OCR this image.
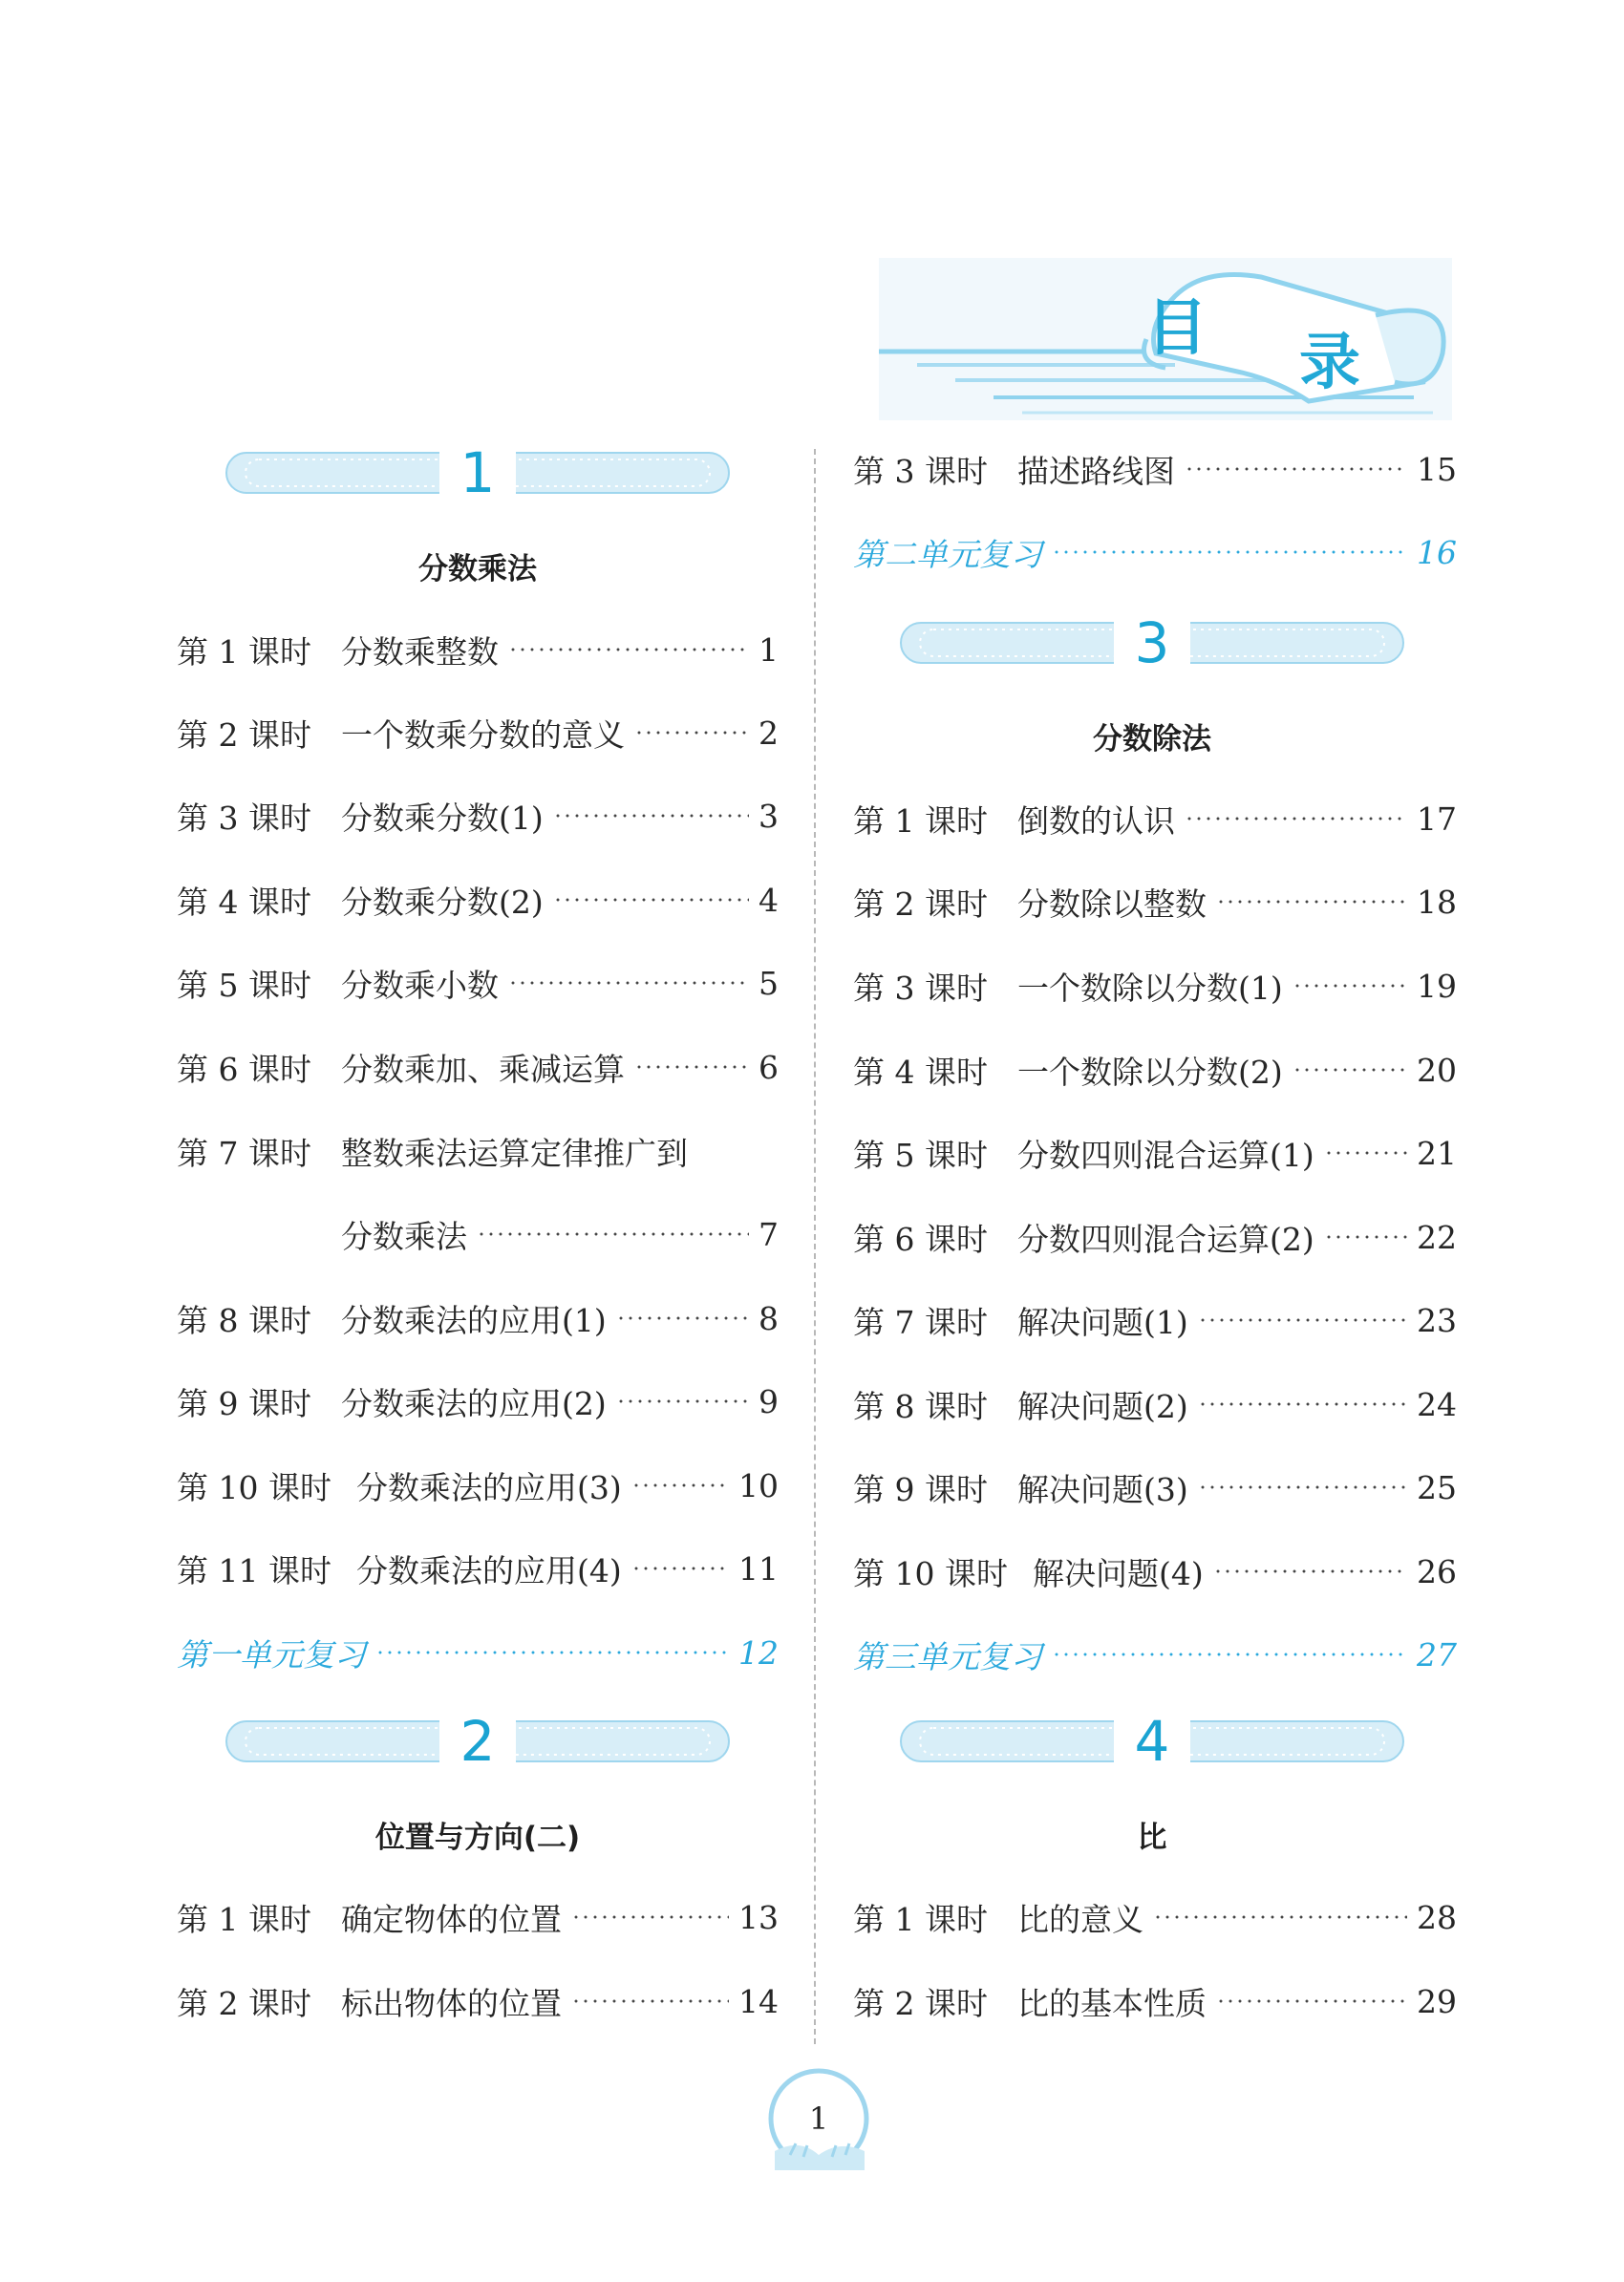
目 录
1
分数乘法
第 1 课时 分数乘整数	1
第 2 课时 一个数乘分数的意义	2
第 3 课时 分数乘分数(1)	3
第 4 课时 分数乘分数(2)	4
第 5 课时 分数乘小数	5
第 6 课时 分数乘加、乘减运算	6
第 7 课时 整数乘法运算定律推广到
分数乘法	7
第 8 课时 分数乘法的应用(1)	8
第 9 课时 分数乘法的应用(2)	9
第 10 课时 分数乘法的应用(3)	10
第 11 课时 分数乘法的应用(4)	11
第一单元复习	12
2
位置与方向(二)
第 1 课时 确定物体的位置	13
第 2 课时 标出物体的位置	14
第 3 课时 描述路线图	15
第二单元复习	16
3
分数除法
第 1 课时 倒数的认识	17
第 2 课时 分数除以整数	18
第 3 课时 一个数除以分数(1)	19
第 4 课时 一个数除以分数(2)	20
第 5 课时 分数四则混合运算(1)	21
第 6 课时 分数四则混合运算(2)	22
第 7 课时 解决问题(1)	23
第 8 课时 解决问题(2)	24
第 9 课时 解决问题(3)	25
第 10 课时 解决问题(4)	26
第三单元复习	27
4
比
第 1 课时 比的意义	28
第 2 课时 比的基本性质	29
1
